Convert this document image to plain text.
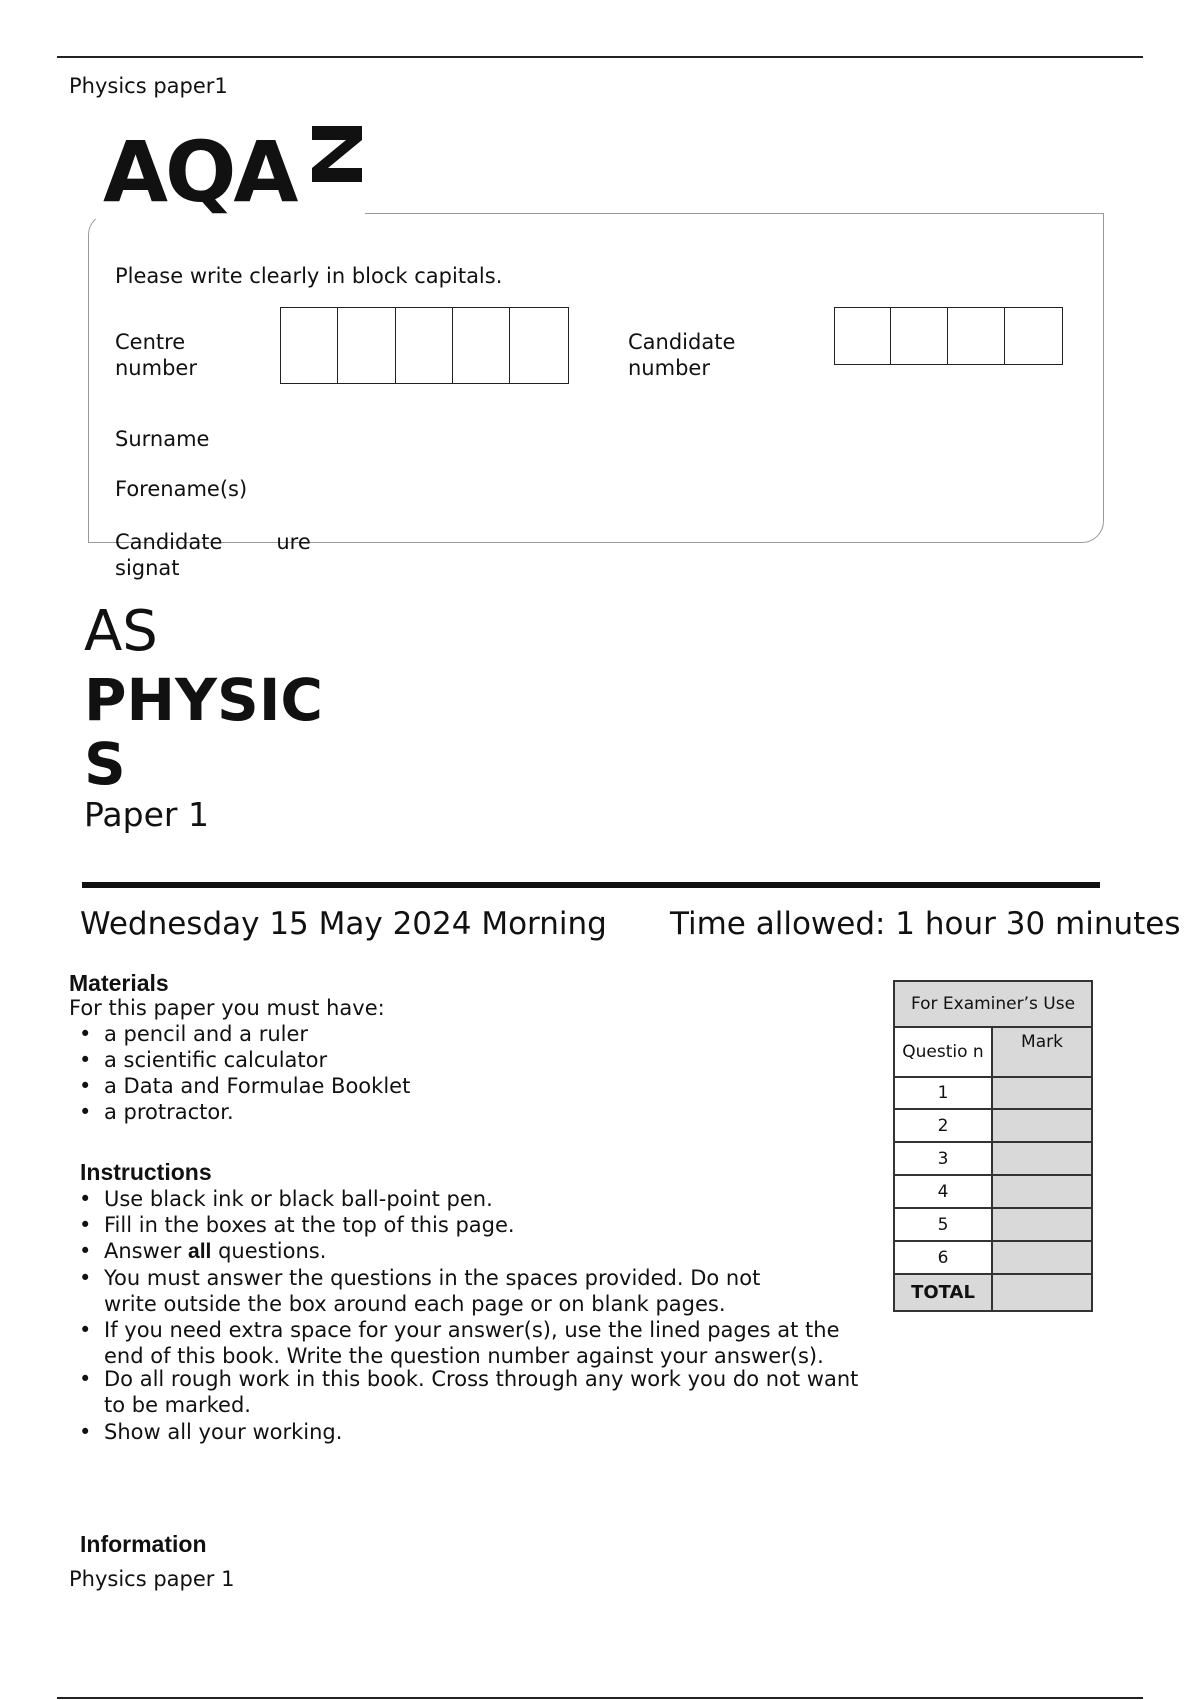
Physics paper1
AQA
Please write clearly in block capitals.
Centre
number
Candidate
number
Surname
Forename(s)
Candidate	ure
signat
AS
PHYSICS
Paper 1
Wednesday 15 May 2024 Morning Time allowed: 1 hour 30 minutes
Materials
For this paper you must have:
• a pencil and a ruler
• a scientific calculator
• a Data and Formulae Booklet
• a protractor.
Instructions
• Use black ink or black ball-point pen.
• Fill in the boxes at the top of this page.
• Answer all questions.
• You must answer the questions in the spaces provided. Do not write outside the box around each page or on blank pages.
• If you need extra space for your answer(s), use the lined pages at the end of this book. Write the question number against your answer(s).
• Do all rough work in this book. Cross through any work you do not want to be marked.
• Show all your working.
Information
Physics paper 1
For Examiner’s Use	
Questio n	Mark
1	
2	
3	
4	
5	
6	
TOTAL	
